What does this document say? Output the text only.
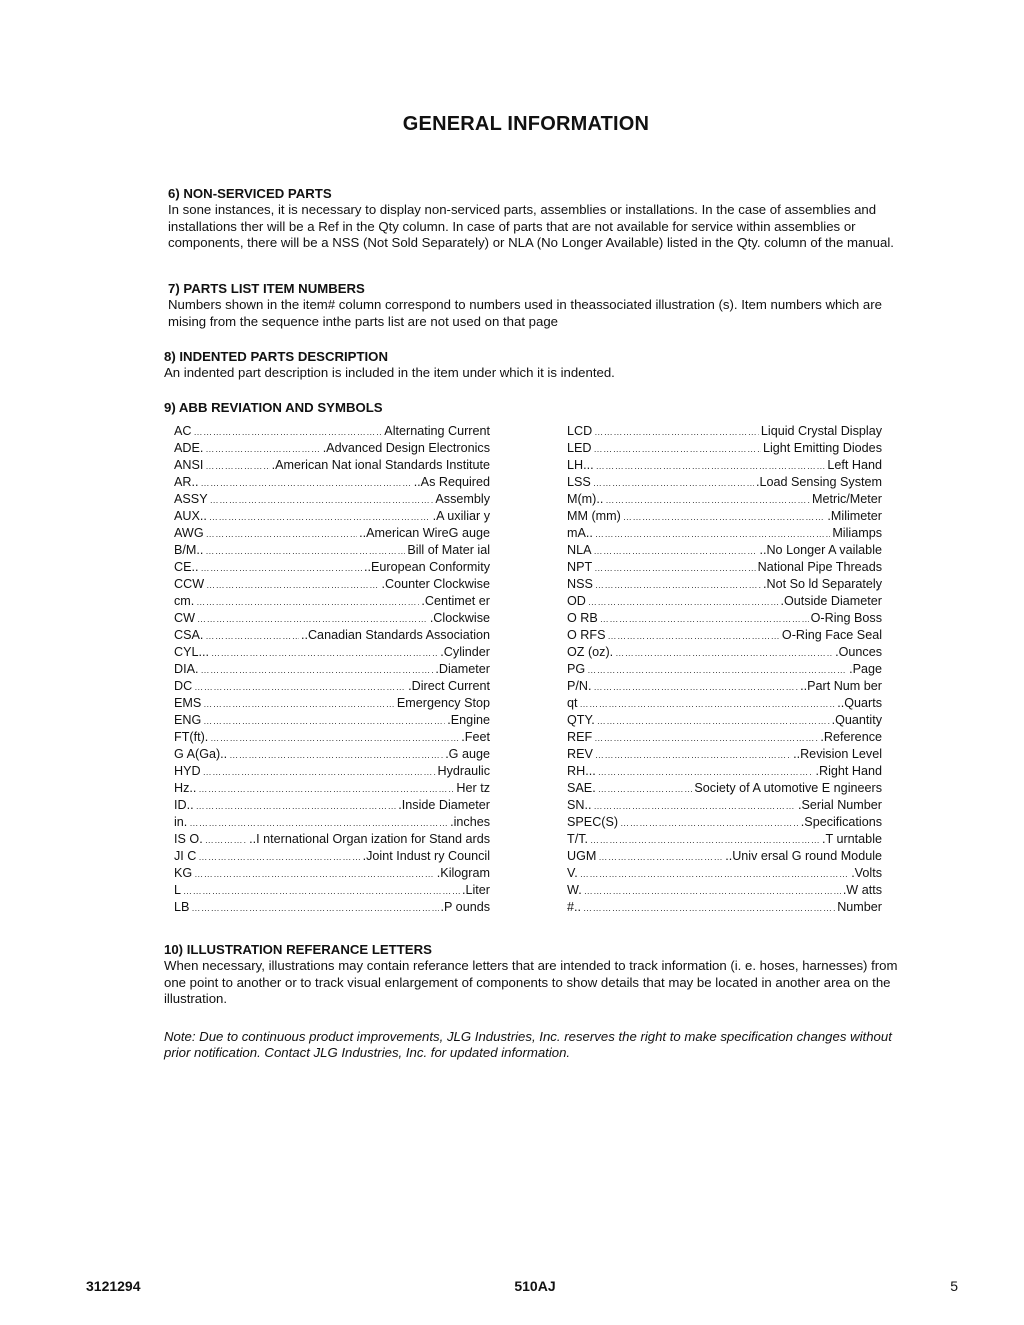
GENERAL INFORMATION
6) NON-SERVICED PARTS

In sone instances, it is necessary to display non-serviced parts, assemblies or installations. In the case of assemblies and installations ther will be a Ref in the Qty column. In case of parts that are not available for service within assemblies or components, there will be a NSS (Not Sold Separately) or NLA (No Longer Available) listed in the Qty. column of the manual.

7) PARTS LIST ITEM NUMBERS

Numbers shown in the item# column correspond to numbers used in theassociated illustration (s). Item numbers which are mising from the sequence inthe parts list are not used on that page

8) INDENTED PARTS DESCRIPTION

An indented part description is included in the item under which it is indented.

9) ABB REVIATION AND SYMBOLS
AC ……………………………………………………………………………………………………………………………………………………	Alternating Current
ADE. ……………………………………………………………………………………………………………………………………………………	.Advanced Design Electronics
ANSI ……………………………………………………………………………………………………………………………………………………	.American Nat ional Standards Institute
AR.. ……………………………………………………………………………………………………………………………………………………	..As Required
ASSY ……………………………………………………………………………………………………………………………………………………	Assembly
AUX.. ……………………………………………………………………………………………………………………………………………………	.A uxiliar y
AWG ……………………………………………………………………………………………………………………………………………………	..American WireG auge
B/M.. ……………………………………………………………………………………………………………………………………………………	Bill of Mater ial
CE.. ……………………………………………………………………………………………………………………………………………………	..European Conformity
CCW ……………………………………………………………………………………………………………………………………………………	.Counter Clockwise
cm. ……………………………………………………………………………………………………………………………………………………	.Centimet er
CW ……………………………………………………………………………………………………………………………………………………	.Clockwise
CSA. ……………………………………………………………………………………………………………………………………………………	..Canadian Standards Association
CYL... ……………………………………………………………………………………………………………………………………………………	.Cylinder
DIA. ……………………………………………………………………………………………………………………………………………………	.Diameter
DC ……………………………………………………………………………………………………………………………………………………	.Direct Current
EMS ……………………………………………………………………………………………………………………………………………………	Emergency Stop
ENG ……………………………………………………………………………………………………………………………………………………	.Engine
FT(ft). ……………………………………………………………………………………………………………………………………………………	.Feet
G A(Ga).. ……………………………………………………………………………………………………………………………………………………	.G auge
HYD ……………………………………………………………………………………………………………………………………………………	Hydraulic
Hz.. ……………………………………………………………………………………………………………………………………………………	Her tz
ID.. ……………………………………………………………………………………………………………………………………………………	.Inside Diameter
in. ……………………………………………………………………………………………………………………………………………………	.inches
IS O. ……………………………………………………………………………………………………………………………………………………	..I nternational Organ ization for Stand ards
JI C ……………………………………………………………………………………………………………………………………………………	.Joint Indust ry Council
KG ……………………………………………………………………………………………………………………………………………………	.Kilogram
L ……………………………………………………………………………………………………………………………………………………	.Liter
LB ……………………………………………………………………………………………………………………………………………………	.P ounds
LCD ……………………………………………………………………………………………………………………………………………………	Liquid Crystal Display
LED ……………………………………………………………………………………………………………………………………………………	Light Emitting Diodes
LH... ……………………………………………………………………………………………………………………………………………………	Left Hand
LSS ……………………………………………………………………………………………………………………………………………………	.Load Sensing System
M(m).. ……………………………………………………………………………………………………………………………………………………	Metric/Meter
MM (mm) ……………………………………………………………………………………………………………………………………………………	.Milimeter
mA.. ……………………………………………………………………………………………………………………………………………………	Miliamps
NLA ……………………………………………………………………………………………………………………………………………………	..No Longer A vailable
NPT ……………………………………………………………………………………………………………………………………………………	National Pipe Threads
NSS ……………………………………………………………………………………………………………………………………………………	.Not So ld Separately
OD ……………………………………………………………………………………………………………………………………………………	.Outside Diameter
O RB ……………………………………………………………………………………………………………………………………………………	O-Ring Boss
O RFS ……………………………………………………………………………………………………………………………………………………	O-Ring Face Seal
OZ (oz). ……………………………………………………………………………………………………………………………………………………	.Ounces
PG ……………………………………………………………………………………………………………………………………………………	.Page
P/N. ……………………………………………………………………………………………………………………………………………………	..Part Num ber
qt ……………………………………………………………………………………………………………………………………………………	..Quarts
QTY. ……………………………………………………………………………………………………………………………………………………	.Quantity
REF ……………………………………………………………………………………………………………………………………………………	.Reference
REV ……………………………………………………………………………………………………………………………………………………	..Revision Level
RH... ……………………………………………………………………………………………………………………………………………………	.Right Hand
SAE. ……………………………………………………………………………………………………………………………………………………	Society of A utomotive E ngineers
SN.. ……………………………………………………………………………………………………………………………………………………	.Serial Number
SPEC(S) ……………………………………………………………………………………………………………………………………………………	.Specifications
T/T. ……………………………………………………………………………………………………………………………………………………	.T urntable
UGM ……………………………………………………………………………………………………………………………………………………	..Univ ersal G round Module
V. ……………………………………………………………………………………………………………………………………………………	.Volts
W. ……………………………………………………………………………………………………………………………………………………	.W atts
#.. ……………………………………………………………………………………………………………………………………………………	Number
10) ILLUSTRATION REFERANCE LETTERS

When necessary, illustrations may contain referance letters that are intended to track information (i. e. hoses, harnesses) from one point to another or to track visual enlargement of components to show details that may be located in another area on the illustration.

Note: Due to continuous product improvements, JLG Industries, Inc. reserves the right to make specification changes without prior notification. Contact JLG Industries, Inc. for updated information.
3121294	510AJ	5
